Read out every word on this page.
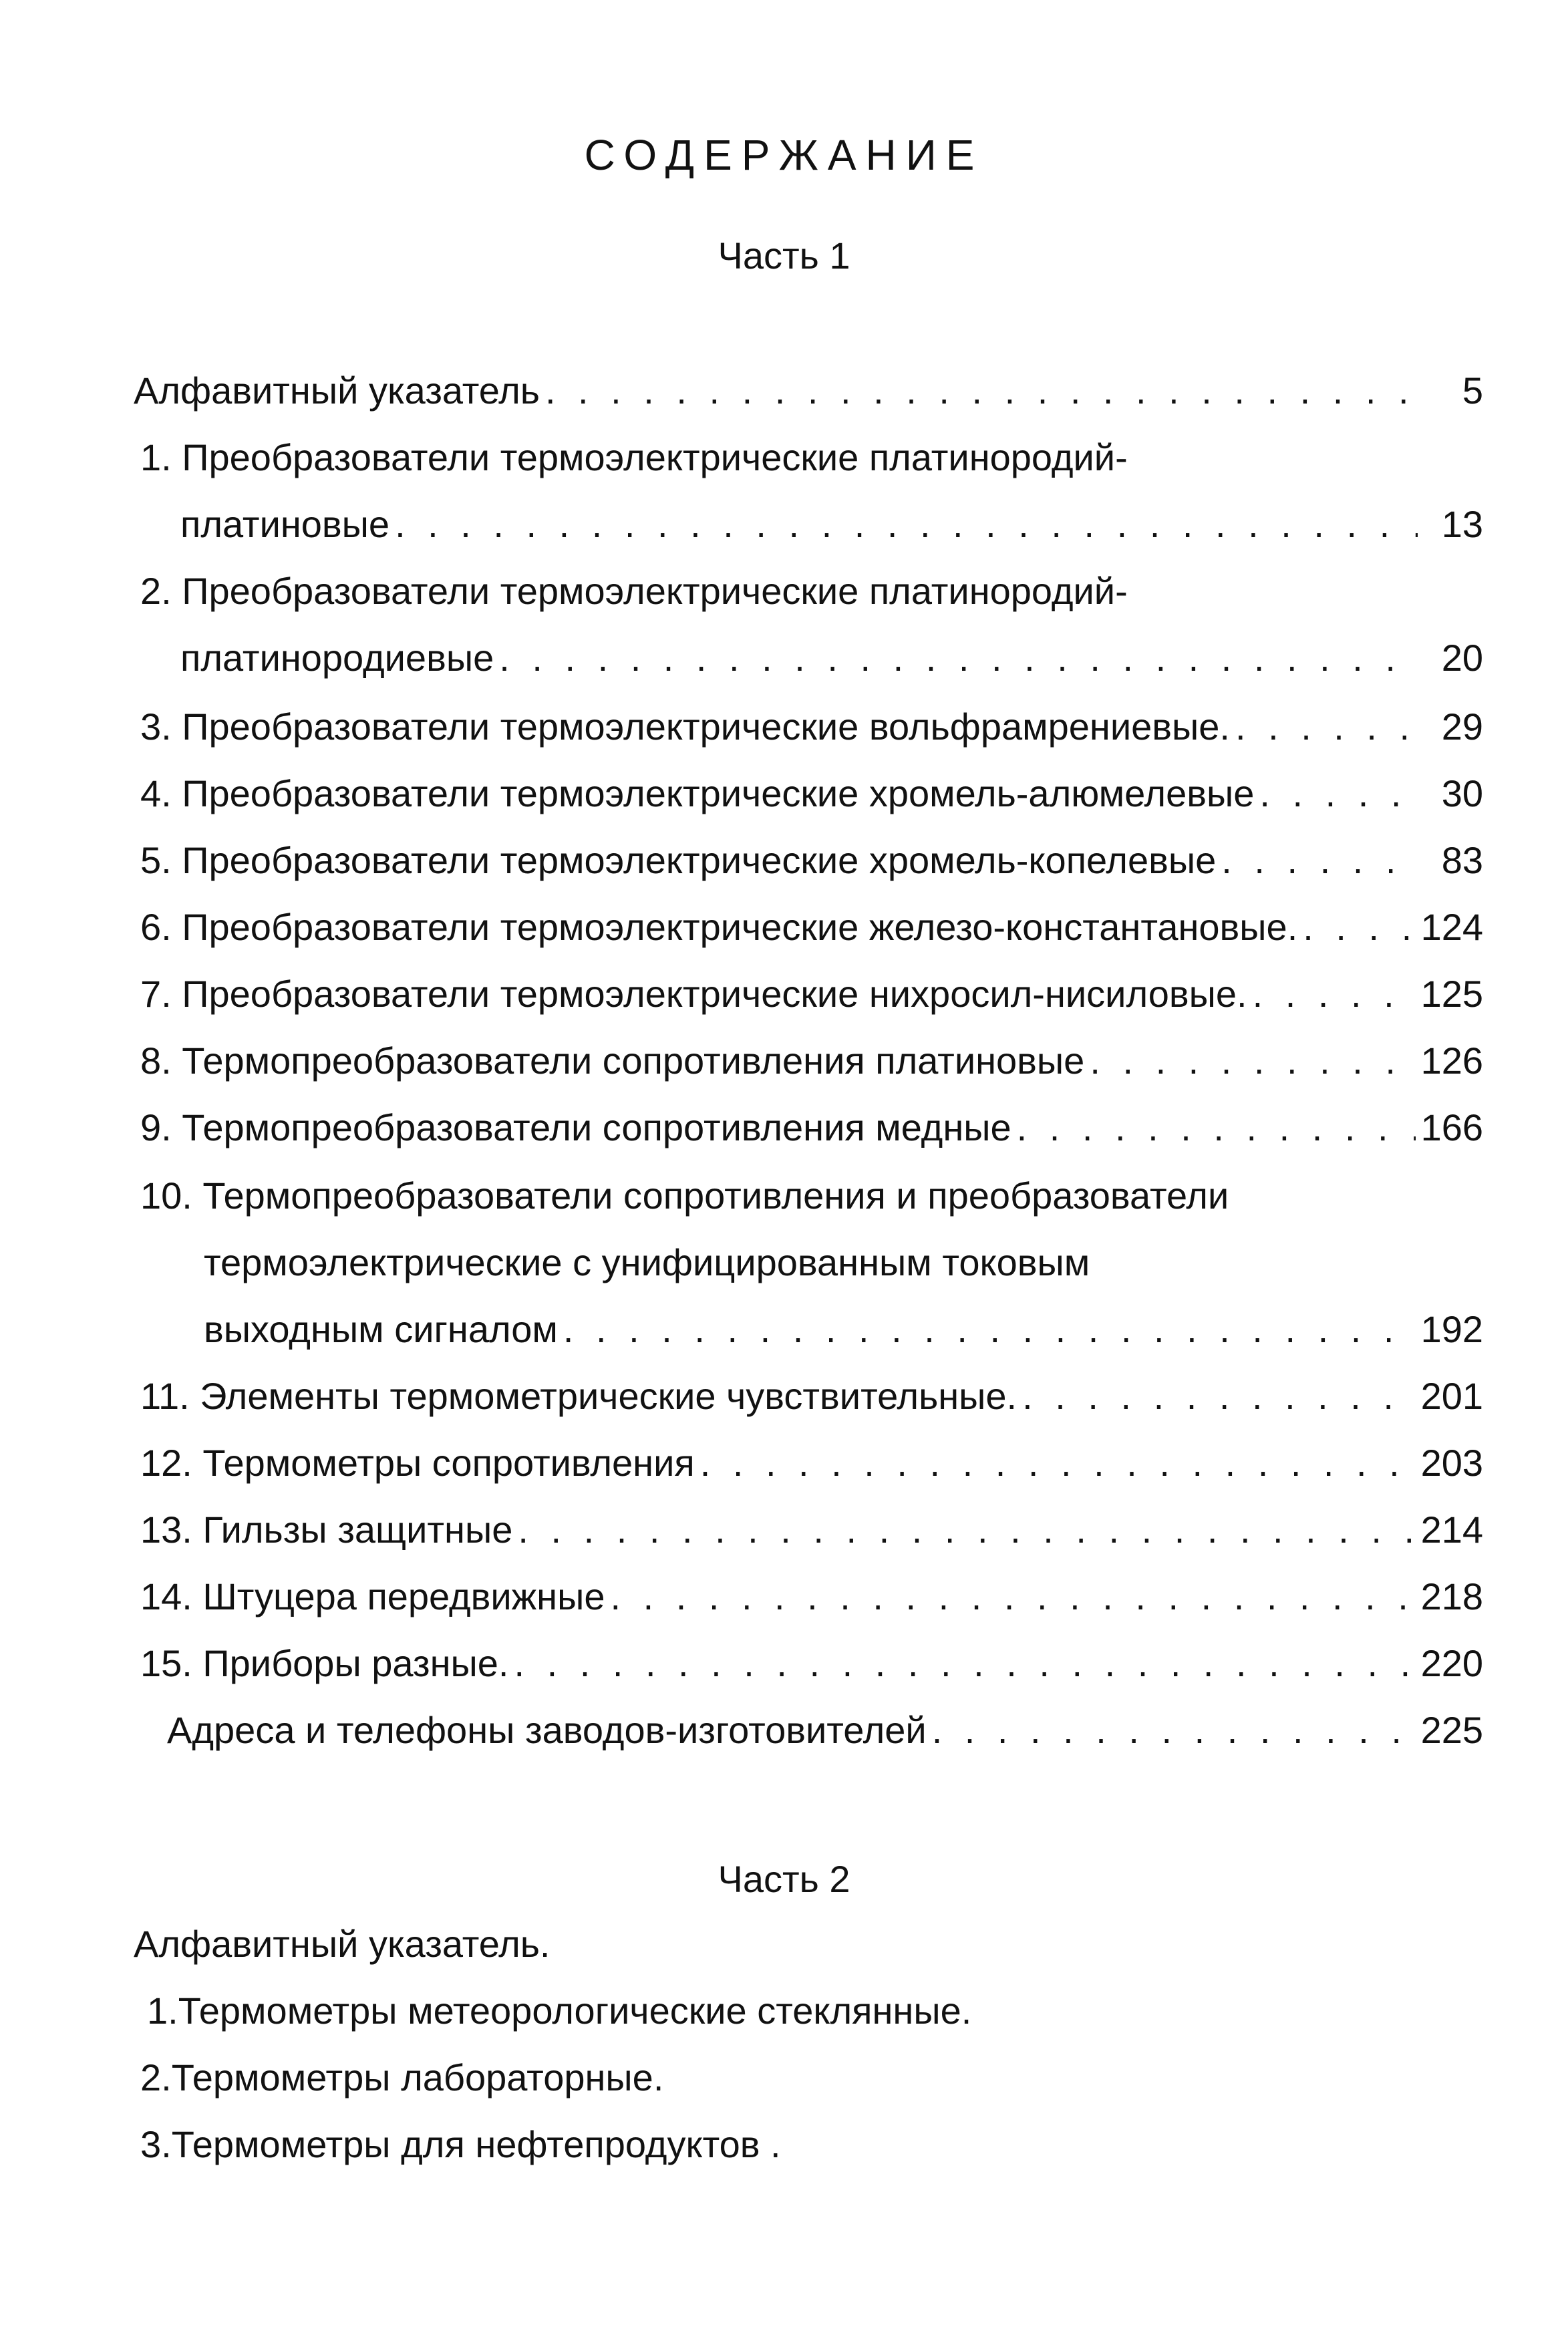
СОДЕРЖАНИЕ
Часть 1
Алфавитный указатель . . .	5
1. Преобразователи термоэлектрические платинородий-
платиновые . . .	13
2. Преобразователи термоэлектрические платинородий-
платинородиевые . . .	20
3. Преобразователи термоэлектрические вольфрамрениевые. . . .	29
4. Преобразователи термоэлектрические хромель-алюмелевые . . .	30
5. Преобразователи термоэлектрические хромель-копелевые . . .	83
6. Преобразователи термоэлектрические железо-константановые. . . .	124
7. Преобразователи термоэлектрические нихросил-нисиловые. . . .	125
8. Термопреобразователи сопротивления платиновые . . .	126
9. Термопреобразователи сопротивления медные . . .	166
10. Термопреобразователи сопротивления и преобразователи
термоэлектрические с унифицированным токовым
выходным сигналом . . .	192
11. Элементы термометрические чувствительные. . . .	201
12. Термометры сопротивления . . .	203
13. Гильзы защитные . . .	214
14. Штуцера передвижные . . .	218
15. Приборы разные. . . .	220
Адреса и телефоны заводов-изготовителей . . .	225
Часть 2
Алфавитный указатель.
1.Термометры метеорологические стеклянные.
2.Термометры лабораторные.
3.Термометры для нефтепродуктов .
